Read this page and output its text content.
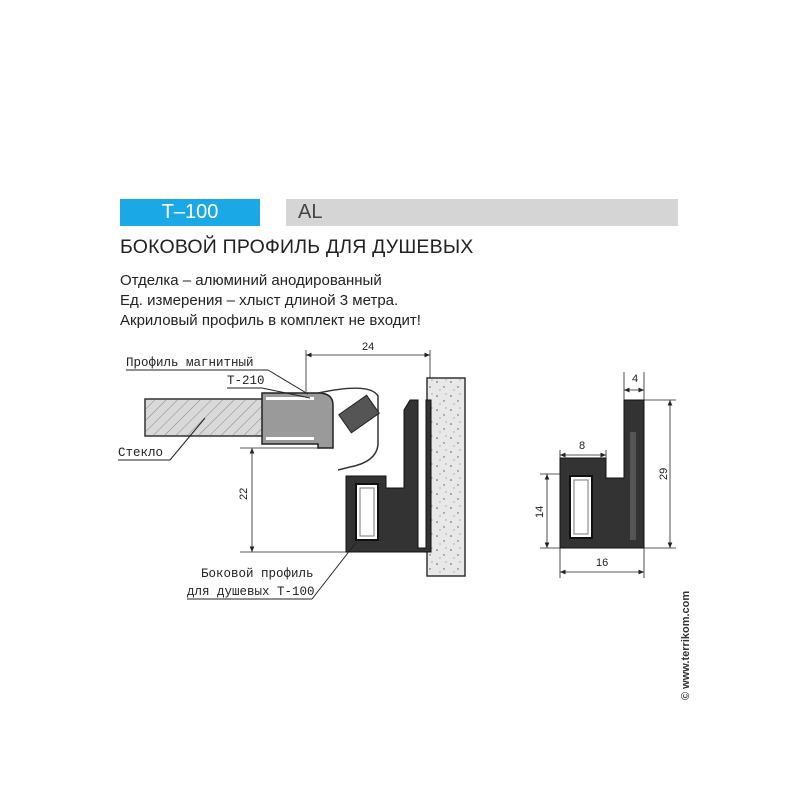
T–100	AL
БОКОВОЙ ПРОФИЛЬ ДЛЯ ДУШЕВЫХ
Отделка – алюминий анодированный
Ед. измерения – хлыст длиной 3 метра.
Акриловый профиль в комплект не входит!
Профиль магнитный
T-210
Стекло
Боковой профиль
для душевых T-100
24
22
4
8
29
14
16
© www.terrikom.com
